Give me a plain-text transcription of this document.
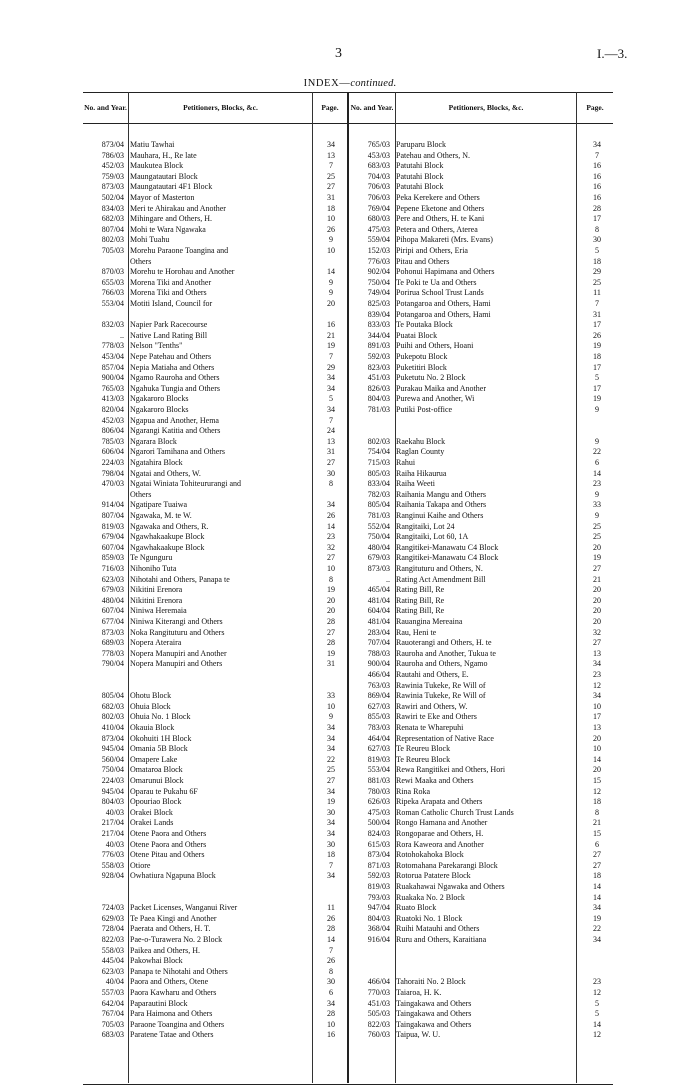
3	I.—3.
INDEX—continued.
No. and Year.	Petitioners, Blocks, &c.	Page. No. and Year.	Petitioners, Blocks, &c.	Page.
873/04 Matiu Tawhai	34
786/03 Mauhara, H., Re late	13
452/03 Maukutea Block	7
759/03 Maungatautari Block	25
873/03 Maungatautari 4F1 Block	27
502/04 Mayor of Masterton	31
834/03 Meri te Ahirakau and Another	18
682/03 Mihingare and Others, H.	10
807/04 Mohi te Wara Ngawaka	26
802/03 Mohi Tuahu	9
705/03 Morehu Paraone Toangina and	10
Others
870/03 Morehu te Horohau and Another	14
655/03 Morena Tiki and Another	9
766/03 Morena Tiki and Others	9
553/04 Motiti Island, Council for	20
832/03 Napier Park Racecourse	16
.. Native Land Rating Bill	21
778/03 Nelson "Tenths"	19
453/04 Nepe Patehau and Others	7
857/04 Nepia Matiaha and Others	29
900/04 Ngamo Rauroha and Others	34
765/03 Ngahuka Tungia and Others	34
413/03 Ngakaroro Blocks	5
820/04 Ngakaroro Blocks	34
452/03 Ngapua and Another, Hema	7
806/04 Ngarangi Katitia and Others	24
785/03 Ngarara Block	13
606/04 Ngarori Tamihana and Others	31
224/03 Ngatahira Block	27
798/04 Ngatai and Others, W.	30
470/03 Ngatai Winiata Tohiteururangi and	8
Others
914/04 Ngatipare Tuaiwa	34
807/04 Ngawaka, M. te W.	26
819/03 Ngawaka and Others, R.	14
679/04 Ngawhakaakupe Block	23
607/04 Ngawhakaakupe Block	32
859/03 Te Ngunguru	27
716/03 Nihoniho Tuta	10
623/03 Nihotahi and Others, Panapa te	8
679/03 Nikitini Erenora	19
480/04 Nikitini Erenora	20
607/04 Niniwa Heremaia	20
677/04 Niniwa Kiterangi and Others	28
873/03 Noka Rangituturu and Others	27
689/03 Nopera Ateraira	28
778/03 Nopera Manupiri and Another	19
790/04 Nopera Manupiri and Others	31
805/04 Ohotu Block	33
682/03 Ohuia Block	10
802/03 Ohuia No. 1 Block	9
410/04 Okauia Block	34
873/04 Okohuiti 1H Block	34
945/04 Omania 5B Block	34
560/04 Omapere Lake	22
750/04 Omataroa Block	25
224/03 Omarunui Block	27
945/04 Oparau te Pukahu 6F	34
804/03 Opouriao Block	19
40/03 Orakei Block	30
217/04 Orakei Lands	34
217/04 Otene Paora and Others	34
40/03 Otene Paora and Others	30
776/03 Otene Pitau and Others	18
558/03 Otiore	7
928/04 Owhatiura Ngapuna Block	34
724/03 Packet Licenses, Wanganui River	11
629/03 Te Paea Kingi and Another	26
728/04 Paerata and Others, H. T.	28
822/03 Pae-o-Turawera No. 2 Block	14
558/03 Paikea and Others, H.	7
445/04 Pakowhai Block	26
623/03 Panapa te Nihotahi and Others	8
40/04 Paora and Others, Otene	30
557/03 Paora Kawharu and Others	6
642/04 Paparautini Block	34
767/04 Para Haimona and Others	28
705/03 Paraone Toangina and Others	10
683/03 Paratene Tatae and Others	16
765/03 Paruparu Block	34
453/03 Patehau and Others, N.	7
683/03 Patutahi Block	16
704/03 Patutahi Block	16
706/03 Patutahi Block	16
706/03 Peka Kerekere and Others	16
769/04 Pepene Eketone and Others	28
680/03 Pere and Others, H. te Kani	17
475/03 Petera and Others, Aterea	8
559/04 Pihopa Makareti (Mrs. Evans)	30
152/03 Piripi and Others, Eria	5
776/03 Pitau and Others	18
902/04 Pohonui Hapimana and Others	29
750/04 Te Poki te Ua and Others	25
749/04 Porirua School Trust Lands	11
825/03 Potangaroa and Others, Hami	7
839/04 Potangaroa and Others, Hami	31
833/03 Te Poutaka Block	17
344/04 Puatai Block	26
891/03 Puihi and Others, Hoani	19
592/03 Pukepotu Block	18
823/03 Puketitiri Block	17
451/03 Puketutu No. 2 Block	5
826/03 Purakau Maika and Another	17
804/03 Purewa and Another, Wi	19
781/03 Putiki Post-office	9
802/03 Raekahu Block	9
754/04 Raglan County	22
715/03 Rahui	6
805/03 Raiha Hikaurua	14
833/04 Raiha Weeti	23
782/03 Raihania Mangu and Others	9
805/04 Raihania Takapa and Others	33
781/03 Ranginui Kaihe and Others	9
552/04 Rangitaiki, Lot 24	25
750/04 Rangitaiki, Lot 60, 1A	25
480/04 Rangitikei-Manawatu C4 Block	20
679/03 Rangitikei-Manawatu C4 Block	19
873/03 Rangituturu and Others, N.	27
.. Rating Act Amendment Bill	21
465/04 Rating Bill, Re	20
481/04 Rating Bill, Re	20
604/04 Rating Bill, Re	20
481/04 Rauangina Mereaina	20
283/04 Rau, Heni te	32
707/04 Rauoterangi and Others, H. te	27
788/03 Rauroha and Another, Tukua te	13
900/04 Rauroha and Others, Ngamo	34
466/04 Rautahi and Others, E.	23
763/03 Rawinia Tukeke, Re Will of	12
869/04 Rawinia Tukeke, Re Will of	34
627/03 Rawiri and Others, W.	10
855/03 Rawiri te Eke and Others	17
783/03 Renata te Wharepuhi	13
464/04 Representation of Native Race	20
627/03 Te Reureu Block	10
819/03 Te Reureu Block	14
553/04 Rewa Rangitikei and Others, Hori	20
881/03 Rewi Maaka and Others	15
780/03 Rina Roka	12
626/03 Ripeka Arapata and Others	18
475/03 Roman Catholic Church Trust Lands	8
500/04 Rongo Hamana and Another	21
824/03 Rongoparae and Others, H.	15
615/03 Rora Kaweora and Another	6
873/04 Rotohokahoka Block	27
871/03 Rotomahana Parekarangi Block	27
592/03 Rotorua Patatere Block	18
819/03 Ruakahawai Ngawaka and Others	14
793/03 Ruakaka No. 2 Block	14
947/04 Ruato Block	34
804/03 Ruatoki No. 1 Block	19
368/04 Ruihi Matauhi and Others	22
916/04 Ruru and Others, Karaitiana	34
466/04 Tahoraiti No. 2 Block	23
770/03 Taiaroa, H. K.	12
451/03 Taingakawa and Others	5
505/03 Taingakawa and Others	5
822/03 Taingakawa and Others	14
760/03 Taipua, W. U.	12
